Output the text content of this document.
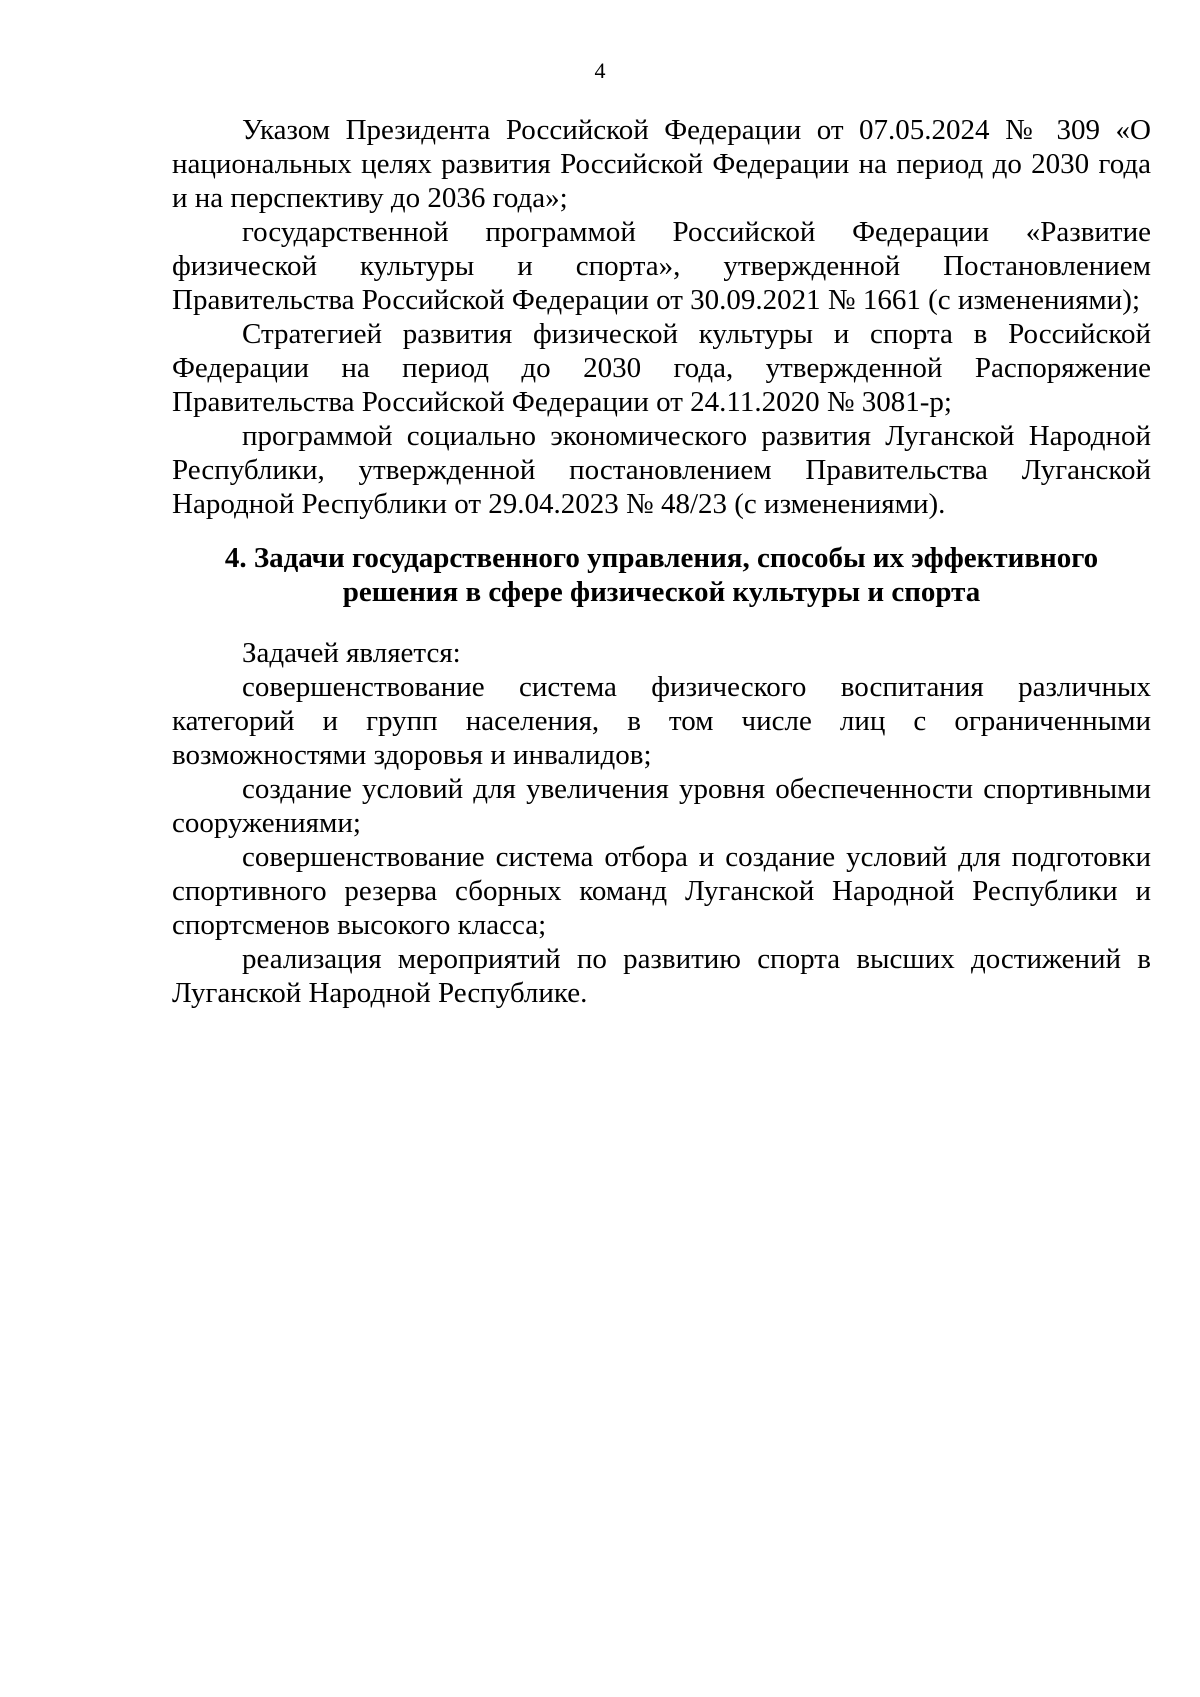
4

Указом Президента Российской Федерации от 07.05.2024 № 309 «О национальных целях развития Российской Федерации на период до 2030 года и на перспективу до 2036 года»;

государственной программой Российской Федерации «Развитие физической культуры и спорта», утвержденной Постановлением Правительства Российской Федерации от 30.09.2021 № 1661 (с изменениями);

Стратегией развития физической культуры и спорта в Российской Федерации на период до 2030 года, утвержденной Распоряжение Правительства Российской Федерации от 24.11.2020 № 3081-р;

программой социально экономического развития Луганской Народной Республики, утвержденной постановлением Правительства Луганской Народной Республики от 29.04.2023 № 48/23 (с изменениями).

4. Задачи государственного управления, способы их эффективного
решения в сфере физической культуры и спорта

Задачей является:

совершенствование система физического воспитания различных категорий и групп населения, в том числе лиц с ограниченными возможностями здоровья и инвалидов;

создание условий для увеличения уровня обеспеченности спортивными сооружениями;

совершенствование система отбора и создание условий для подготовки спортивного резерва сборных команд Луганской Народной Республики и спортсменов высокого класса;

реализация мероприятий по развитию спорта высших достижений в Луганской Народной Республике.
